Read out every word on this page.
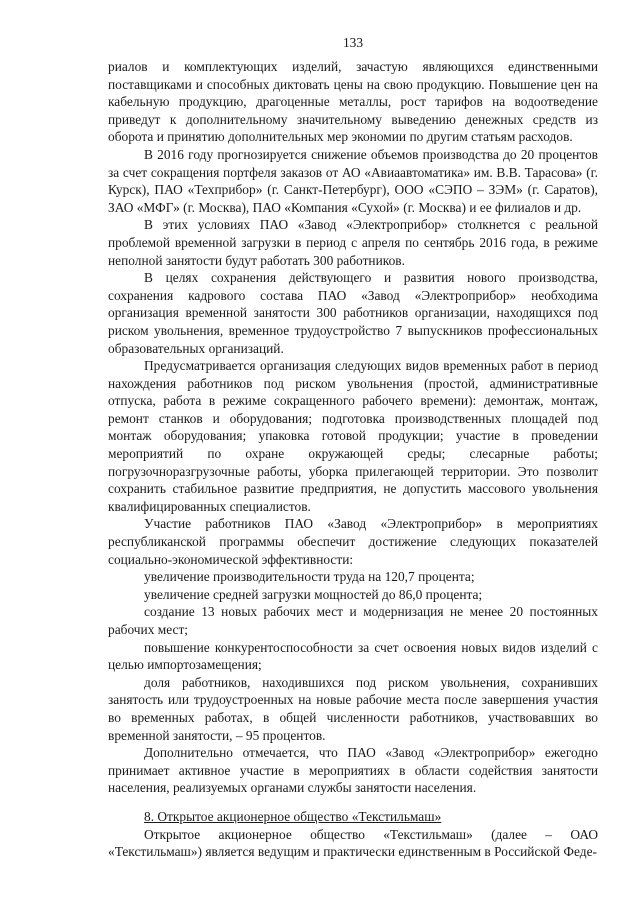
133

риалов и комплектующих изделий, зачастую являющихся единственными поставщиками и способных диктовать цены на свою продукцию. Повышение цен на кабельную продукцию, драгоценные металлы, рост тарифов на водоотведение приведут к дополнительному значительному выведению денежных средств из оборота и принятию дополнительных мер экономии по другим статьям расходов.

В 2016 году прогнозируется снижение объемов производства до 20 процентов за счет сокращения портфеля заказов от АО «Авиаавтоматика» им. В.В. Тарасова» (г. Курск), ПАО «Техприбор» (г. Санкт-Петербург), ООО «СЭПО – ЗЭМ» (г. Саратов), ЗАО «МФГ» (г. Москва), ПАО «Компания «Сухой» (г. Москва) и ее филиалов и др.

В этих условиях ПАО «Завод «Электроприбор» столкнется с реальной проблемой временной загрузки в период с апреля по сентябрь 2016 года, в режиме неполной занятости будут работать 300 работников.

В целях сохранения действующего и развития нового производства, сохранения кадрового состава ПАО «Завод «Электроприбор» необходима организация временной занятости 300 работников организации, находящихся под риском увольнения, временное трудоустройство 7 выпускников профессиональных образовательных организаций.

Предусматривается организация следующих видов временных работ в период нахождения работников под риском увольнения (простой, административные отпуска, работа в режиме сокращенного рабочего времени): демонтаж, монтаж, ремонт станков и оборудования; подготовка производственных площадей под монтаж оборудования; упаковка готовой продукции; участие в проведении мероприятий по охране окружающей среды; слесарные работы; погрузочноразгрузочные работы, уборка прилегающей территории. Это позволит сохранить стабильное развитие предприятия, не допустить массового увольнения квалифицированных специалистов.

Участие работников ПАО «Завод «Электроприбор» в мероприятиях республиканской программы обеспечит достижение следующих показателей социально-экономической эффективности:

увеличение производительности труда на 120,7 процента;

увеличение средней загрузки мощностей до 86,0 процента;

создание 13 новых рабочих мест и модернизация не менее 20 постоянных рабочих мест;

повышение конкурентоспособности за счет освоения новых видов изделий с целью импортозамещения;

доля работников, находившихся под риском увольнения, сохранивших занятость или трудоустроенных на новые рабочие места после завершения участия во временных работах, в общей численности работников, участвовавших во временной занятости, – 95 процентов.

Дополнительно отмечается, что ПАО «Завод «Электроприбор» ежегодно принимает активное участие в мероприятиях в области содействия занятости населения, реализуемых органами службы занятости населения.

8. Открытое акционерное общество «Текстильмаш»

Открытое акционерное общество «Текстильмаш» (далее – ОАО «Текстильмаш») является ведущим и практически единственным в Российской Феде-
